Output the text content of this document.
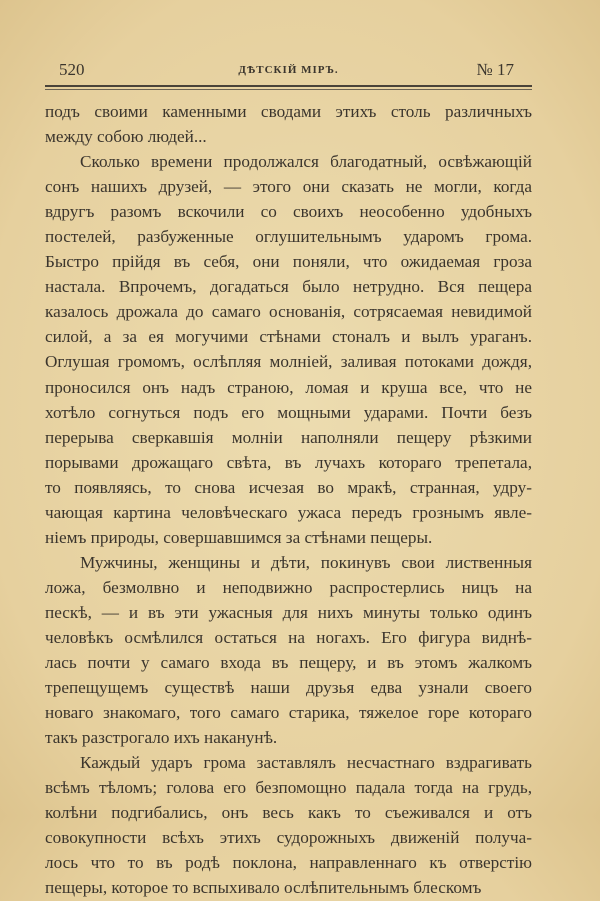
520	ДѢТСКІЙ МІРЪ.	№ 17
подъ своими каменными сводами этихъ столь различныхъ
между собою людей...
Сколько времени продолжался благодатный, освѣжающій
сонъ нашихъ друзей, — этого они сказать не могли, когда
вдругъ разомъ вскочили со своихъ неособенно удобныхъ
постелей, разбуженные оглушительнымъ ударомъ грома.
Быстро прійдя въ себя, они поняли, что ожидаемая гроза
настала. Впрочемъ, догадаться было нетрудно. Вся пещера
казалось дрожала до самаго основанія, сотрясаемая невидимой
силой, а за ея могучими стѣнами стоналъ и вылъ ураганъ.
Оглушая громомъ, ослѣпляя молніей, заливая потоками дождя,
проносился онъ надъ страною, ломая и круша все, что не
хотѣло согнуться подъ его мощными ударами. Почти безъ
перерыва сверкавшія молніи наполняли пещеру рѣзкими
порывами дрожащаго свѣта, въ лучахъ котораго трепетала,
то появляясь, то снова исчезая во мракѣ, странная, удру-
чающая картина человѣческаго ужаса передъ грознымъ явле-
ніемъ природы, совершавшимся за стѣнами пещеры.
Мужчины, женщины и дѣти, покинувъ свои лиственныя
ложа, безмолвно и неподвижно распростерлись ницъ на
пескѣ, — и въ эти ужасныя для нихъ минуты только одинъ
человѣкъ осмѣлился остаться на ногахъ. Его фигура виднѣ-
лась почти у самаго входа въ пещеру, и въ этомъ жалкомъ
трепещущемъ существѣ наши друзья едва узнали своего
новаго знакомаго, того самаго старика, тяжелое горе котораго
такъ разстрогало ихъ наканунѣ.
Каждый ударъ грома заставлялъ несчастнаго вздрагивать
всѣмъ тѣломъ; голова его безпомощно падала тогда на грудь,
колѣни подгибались, онъ весь какъ то съеживался и отъ
совокупности всѣхъ этихъ судорожныхъ движеній получа-
лось что то въ родѣ поклона, направленнаго къ отверстію
пещеры, которое то вспыхивало ослѣпительнымъ блескомъ
